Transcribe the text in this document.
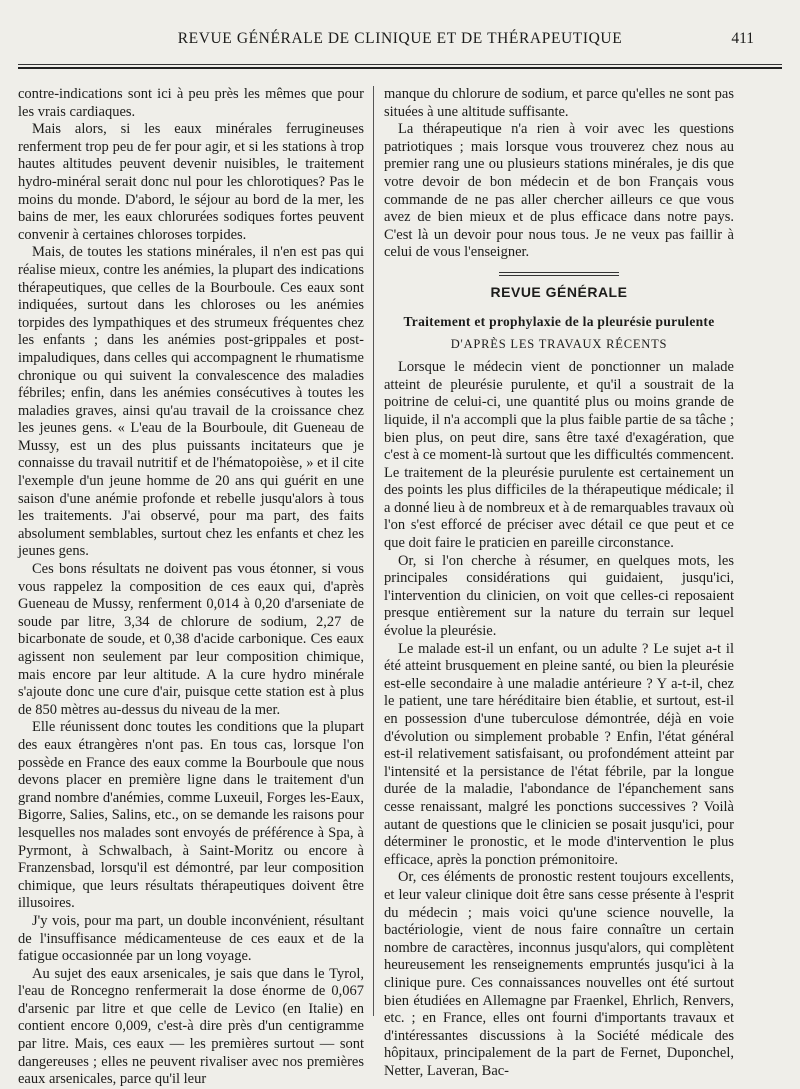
REVUE GÉNÉRALE DE CLINIQUE ET DE THÉRAPEUTIQUE	411

contre-indications sont ici à peu près les mêmes que pour les vrais cardiaques.

Mais alors, si les eaux minérales ferrugineuses renferment trop peu de fer pour agir, et si les stations à trop hautes altitudes peuvent devenir nuisibles, le traitement hydro-minéral serait donc nul pour les chlorotiques? Pas le moins du monde. D'abord, le séjour au bord de la mer, les bains de mer, les eaux chlorurées sodiques fortes peuvent convenir à certaines chloroses torpides.

Mais, de toutes les stations minérales, il n'en est pas qui réalise mieux, contre les anémies, la plupart des indications thérapeutiques, que celles de la Bourboule. Ces eaux sont indiquées, surtout dans les chloroses ou les anémies torpides des lympathiques et des strumeux fréquentes chez les enfants ; dans les anémies post-grippales et post-impaludiques, dans celles qui accompagnent le rhumatisme chronique ou qui suivent la convalescence des maladies fébriles; enfin, dans les anémies consécutives à toutes les maladies graves, ainsi qu'au travail de la croissance chez les jeunes gens. « L'eau de la Bourboule, dit Gueneau de Mussy, est un des plus puissants incitateurs que je connaisse du travail nutritif et de l'hématopoièse, » et il cite l'exemple d'un jeune homme de 20 ans qui guérit en une saison d'une anémie profonde et rebelle jusqu'alors à tous les traitements. J'ai observé, pour ma part, des faits absolument semblables, surtout chez les enfants et chez les jeunes gens.

Ces bons résultats ne doivent pas vous étonner, si vous vous rappelez la composition de ces eaux qui, d'après Gueneau de Mussy, renferment 0,014 à 0,20 d'arseniate de soude par litre, 3,34 de chlorure de sodium, 2,27 de bicarbonate de soude, et 0,38 d'acide carbonique. Ces eaux agissent non seulement par leur composition chimique, mais encore par leur altitude. A la cure hydro minérale s'ajoute donc une cure d'air, puisque cette station est à plus de 850 mètres au-dessus du niveau de la mer.

Elle réunissent donc toutes les conditions que la plupart des eaux étrangères n'ont pas. En tous cas, lorsque l'on possède en France des eaux comme la Bourboule que nous devons placer en première ligne dans le traitement d'un grand nombre d'anémies, comme Luxeuil, Forges les-Eaux, Bigorre, Salies, Salins, etc., on se demande les raisons pour lesquelles nos malades sont envoyés de préférence à Spa, à Pyrmont, à Schwalbach, à Saint-Moritz ou encore à Franzensbad, lorsqu'il est démontré, par leur composition chimique, que leurs résultats thérapeutiques doivent être illusoires.

J'y vois, pour ma part, un double inconvénient, résultant de l'insuffisance médicamenteuse de ces eaux et de la fatigue occasionnée par un long voyage.

Au sujet des eaux arsenicales, je sais que dans le Tyrol, l'eau de Roncegno renfermerait la dose énorme de 0,067 d'arsenic par litre et que celle de Levico (en Italie) en contient encore 0,009, c'est-à dire près d'un centigramme par litre. Mais, ces eaux — les premières surtout — sont dangereuses ; elles ne peuvent rivaliser avec nos premières eaux arsenicales, parce qu'il leur

manque du chlorure de sodium, et parce qu'elles ne sont pas situées à une altitude suffisante.

La thérapeutique n'a rien à voir avec les questions patriotiques ; mais lorsque vous trouverez chez nous au premier rang une ou plusieurs stations minérales, je dis que votre devoir de bon médecin et de bon Français vous commande de ne pas aller chercher ailleurs ce que vous avez de bien mieux et de plus efficace dans notre pays. C'est là un devoir pour nous tous. Je ne veux pas faillir à celui de vous l'enseigner.

REVUE GÉNÉRALE
Traitement et prophylaxie de la pleurésie purulente
D'APRÈS LES TRAVAUX RÉCENTS

Lorsque le médecin vient de ponctionner un malade atteint de pleurésie purulente, et qu'il a soustrait de la poitrine de celui-ci, une quantité plus ou moins grande de liquide, il n'a accompli que la plus faible partie de sa tâche ; bien plus, on peut dire, sans être taxé d'exagération, que c'est à ce moment-là surtout que les difficultés commencent. Le traitement de la pleurésie purulente est certainement un des points les plus difficiles de la thérapeutique médicale; il a donné lieu à de nombreux et à de remarquables travaux où l'on s'est efforcé de préciser avec détail ce que peut et ce que doit faire le praticien en pareille circonstance.

Or, si l'on cherche à résumer, en quelques mots, les principales considérations qui guidaient, jusqu'ici, l'intervention du clinicien, on voit que celles-ci reposaient presque entièrement sur la nature du terrain sur lequel évolue la pleurésie.

Le malade est-il un enfant, ou un adulte ? Le sujet a-t il été atteint brusquement en pleine santé, ou bien la pleurésie est-elle secondaire à une maladie antérieure ? Y a-t-il, chez le patient, une tare héréditaire bien établie, et surtout, est-il en possession d'une tuberculose démontrée, déjà en voie d'évolution ou simplement probable ? Enfin, l'état général est-il relativement satisfaisant, ou profondément atteint par l'intensité et la persistance de l'état fébrile, par la longue durée de la maladie, l'abondance de l'épanchement sans cesse renaissant, malgré les ponctions successives ? Voilà autant de questions que le clinicien se posait jusqu'ici, pour déterminer le pronostic, et le mode d'intervention le plus efficace, après la ponction prémonitoire.

Or, ces éléments de pronostic restent toujours excellents, et leur valeur clinique doit être sans cesse présente à l'esprit du médecin ; mais voici qu'une science nouvelle, la bactériologie, vient de nous faire connaître un certain nombre de caractères, inconnus jusqu'alors, qui complètent heureusement les renseignements empruntés jusqu'ici à la clinique pure. Ces connaissances nouvelles ont été surtout bien étudiées en Allemagne par Fraenkel, Ehrlich, Renvers, etc. ; en France, elles ont fourni d'importants travaux et d'intéressantes discussions à la Société médicale des hôpitaux, principalement de la part de Fernet, Duponchel, Netter, Laveran, Bac-
